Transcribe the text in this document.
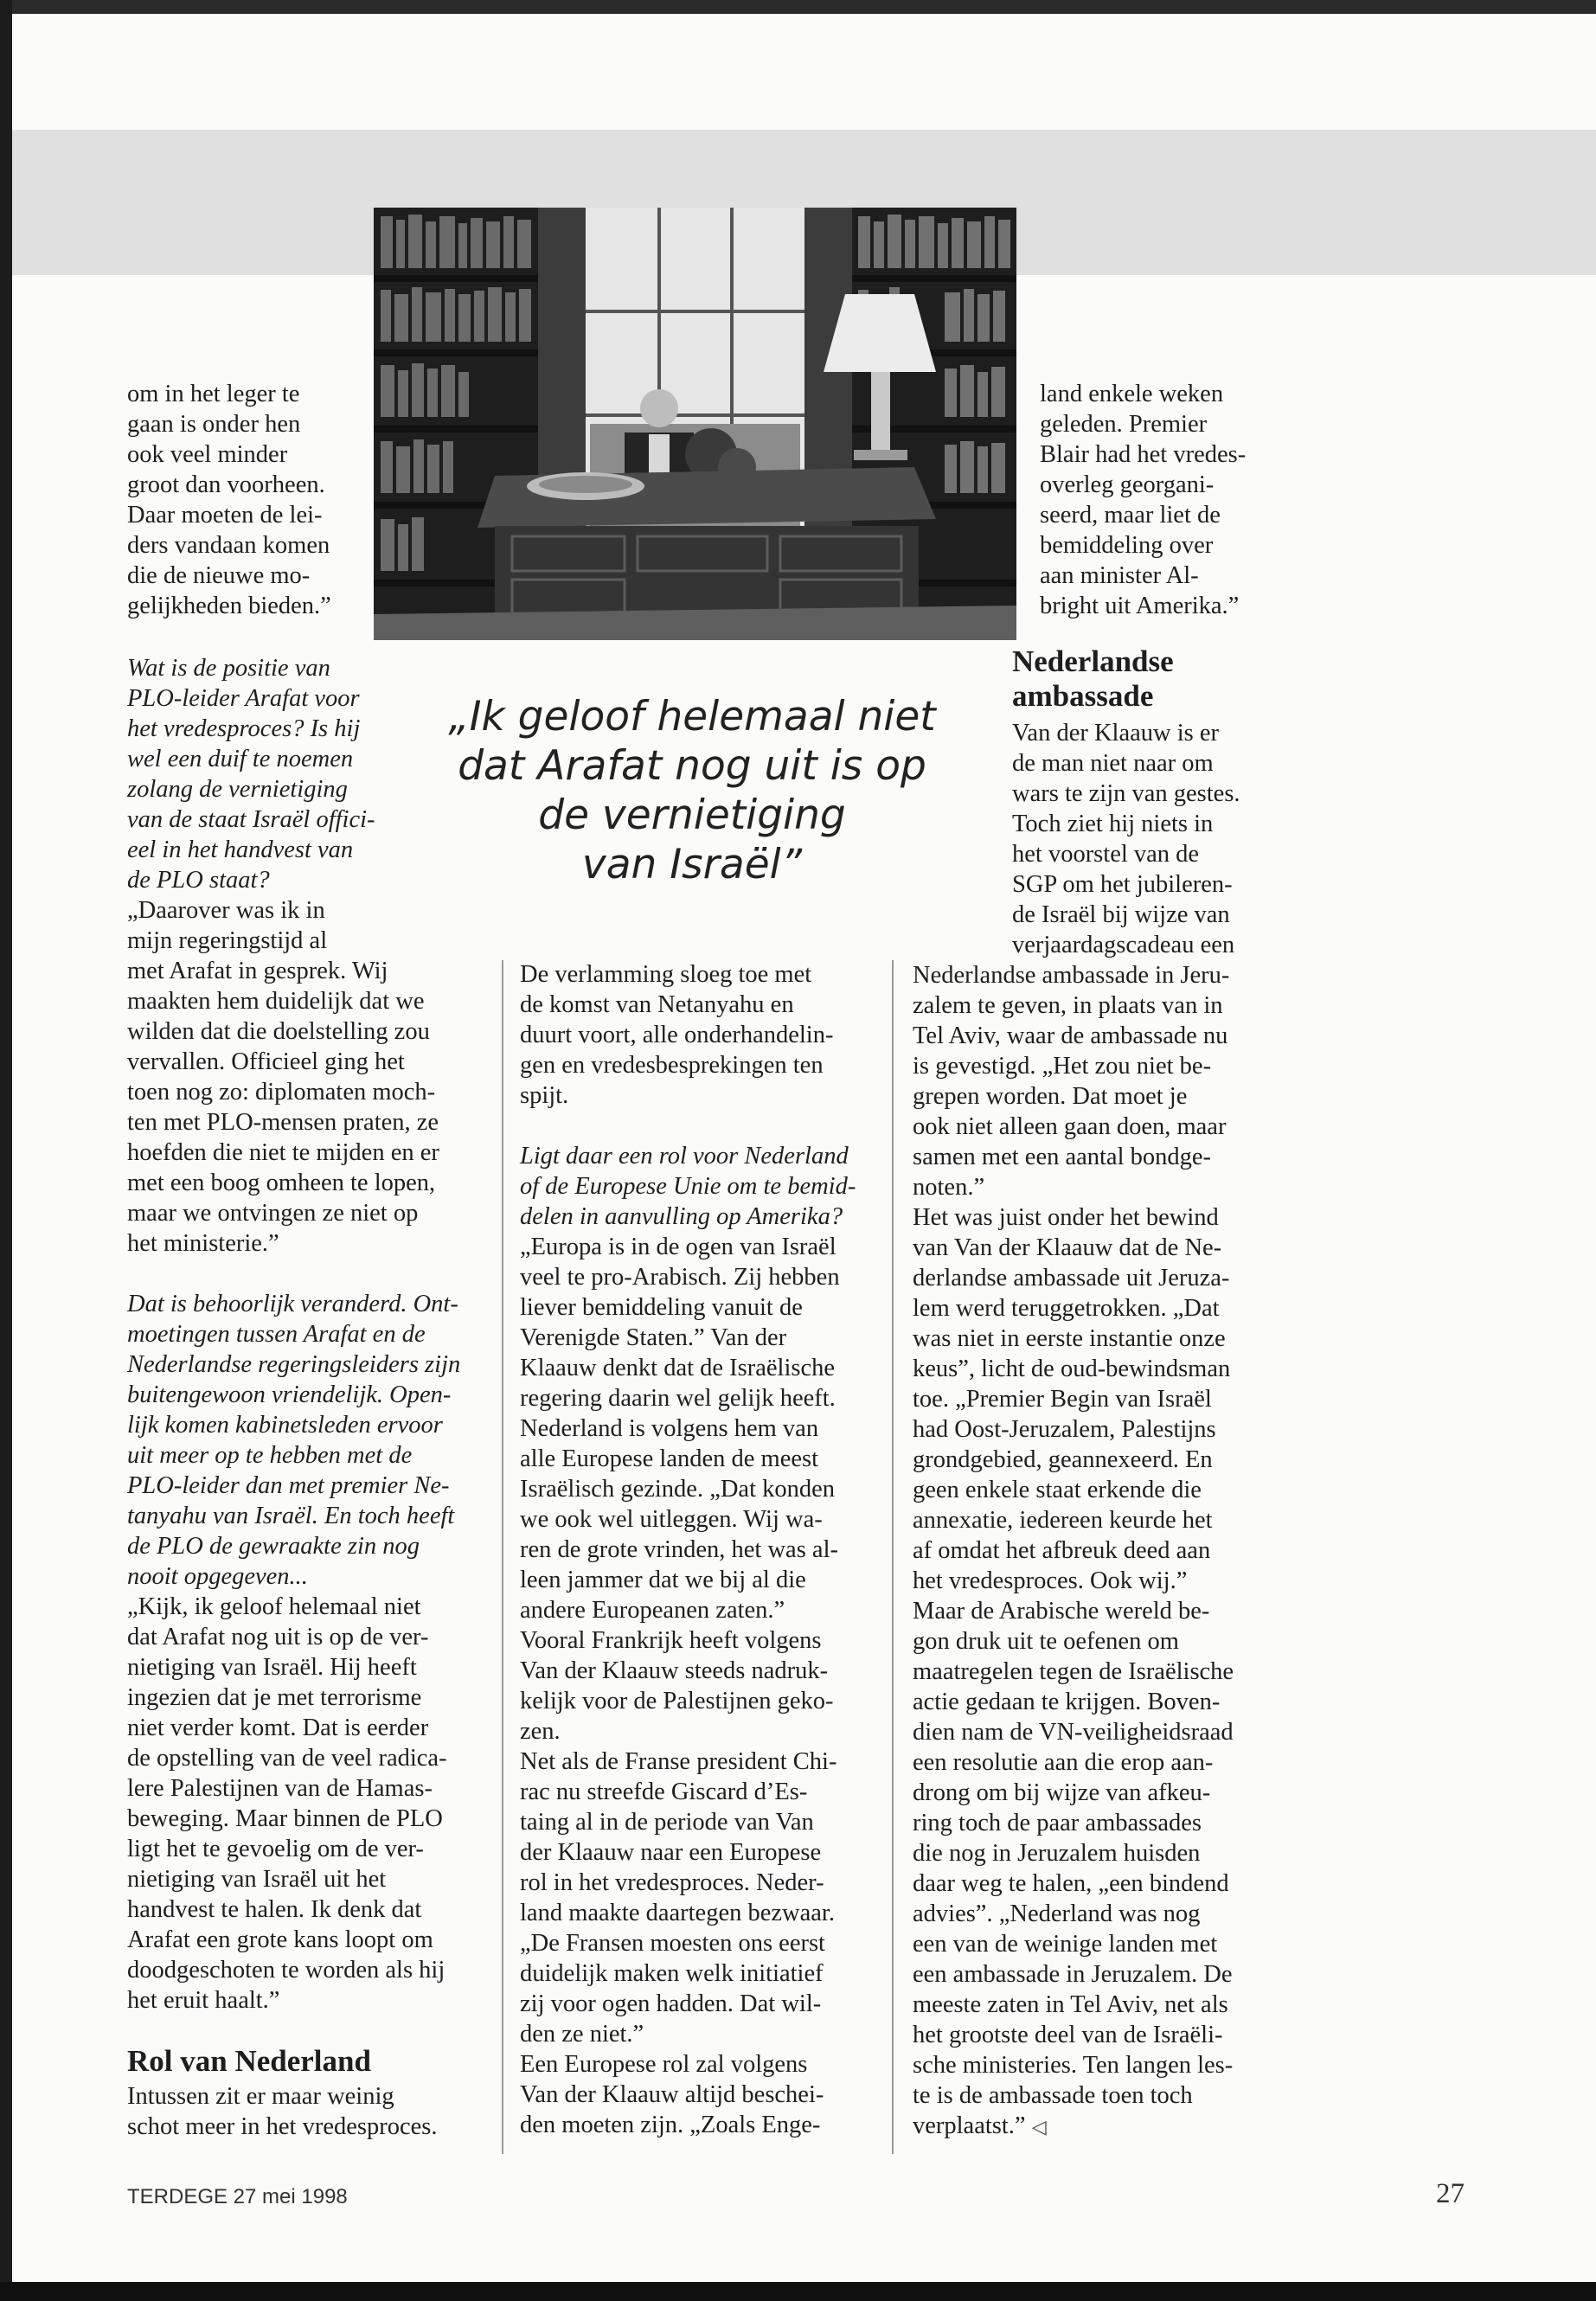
om in het leger te

gaan is onder hen

ook veel minder

groot dan voorheen.

Daar moeten de lei-

ders vandaan komen

die de nieuwe mo-

gelijkheden bieden.”

Wat is de positie van

PLO-leider Arafat voor

het vredesproces? Is hij

wel een duif te noemen

zolang de vernietiging

van de staat Israël offici-

eel in het handvest van

de PLO staat?

„Daarover was ik in

mijn regeringstijd al

met Arafat in gesprek. Wij

maakten hem duidelijk dat we

wilden dat die doelstelling zou

vervallen. Officieel ging het

toen nog zo: diplomaten moch-

ten met PLO-mensen praten, ze

hoefden die niet te mijden en er

met een boog omheen te lopen,

maar we ontvingen ze niet op

het ministerie.”

Dat is behoorlijk veranderd. Ont-

moetingen tussen Arafat en de

Nederlandse regeringsleiders zijn

buitengewoon vriendelijk. Open-

lijk komen kabinetsleden ervoor

uit meer op te hebben met de

PLO-leider dan met premier Ne-

tanyahu van Israël. En toch heeft

de PLO de gewraakte zin nog

nooit opgegeven...

„Kijk, ik geloof helemaal niet

dat Arafat nog uit is op de ver-

nietiging van Israël. Hij heeft

ingezien dat je met terrorisme

niet verder komt. Dat is eerder

de opstelling van de veel radica-

lere Palestijnen van de Hamas-

beweging. Maar binnen de PLO

ligt het te gevoelig om de ver-

nietiging van Israël uit het

handvest te halen. Ik denk dat

Arafat een grote kans loopt om

doodgeschoten te worden als hij

het eruit haalt.”

Rol van Nederland

Intussen zit er maar weinig

schot meer in het vredesproces.

„Ik geloof helemaal niet
dat Arafat nog uit is op
de vernietiging
van Israël”

De verlamming sloeg toe met

de komst van Netanyahu en

duurt voort, alle onderhandelin-

gen en vredesbesprekingen ten

spijt.

Ligt daar een rol voor Nederland

of de Europese Unie om te bemid-

delen in aanvulling op Amerika?

„Europa is in de ogen van Israël

veel te pro-Arabisch. Zij hebben

liever bemiddeling vanuit de

Verenigde Staten.” Van der

Klaauw denkt dat de Israëlische

regering daarin wel gelijk heeft.

Nederland is volgens hem van

alle Europese landen de meest

Israëlisch gezinde. „Dat konden

we ook wel uitleggen. Wij wa-

ren de grote vrinden, het was al-

leen jammer dat we bij al die

andere Europeanen zaten.”

Vooral Frankrijk heeft volgens

Van der Klaauw steeds nadruk-

kelijk voor de Palestijnen geko-

zen.

Net als de Franse president Chi-

rac nu streefde Giscard d’Es-

taing al in de periode van Van

der Klaauw naar een Europese

rol in het vredesproces. Neder-

land maakte daartegen bezwaar.

„De Fransen moesten ons eerst

duidelijk maken welk initiatief

zij voor ogen hadden. Dat wil-

den ze niet.”

Een Europese rol zal volgens

Van der Klaauw altijd beschei-

den moeten zijn. „Zoals Enge-

land enkele weken

geleden. Premier

Blair had het vredes-

overleg georgani-

seerd, maar liet de

bemiddeling over

aan minister Al-

bright uit Amerika.”

Nederlandse
ambassade

Van der Klaauw is er

de man niet naar om

wars te zijn van gestes.

Toch ziet hij niets in

het voorstel van de

SGP om het jubileren-

de Israël bij wijze van

verjaardagscadeau een

Nederlandse ambassade in Jeru-

zalem te geven, in plaats van in

Tel Aviv, waar de ambassade nu

is gevestigd. „Het zou niet be-

grepen worden. Dat moet je

ook niet alleen gaan doen, maar

samen met een aantal bondge-

noten.”

Het was juist onder het bewind

van Van der Klaauw dat de Ne-

derlandse ambassade uit Jeruza-

lem werd teruggetrokken. „Dat

was niet in eerste instantie onze

keus”, licht de oud-bewindsman

toe. „Premier Begin van Israël

had Oost-Jeruzalem, Palestijns

grondgebied, geannexeerd. En

geen enkele staat erkende die

annexatie, iedereen keurde het

af omdat het afbreuk deed aan

het vredesproces. Ook wij.”

Maar de Arabische wereld be-

gon druk uit te oefenen om

maatregelen tegen de Israëlische

actie gedaan te krijgen. Boven-

dien nam de VN-veiligheidsraad

een resolutie aan die erop aan-

drong om bij wijze van afkeu-

ring toch de paar ambassades

die nog in Jeruzalem huisden

daar weg te halen, „een bindend

advies”. „Nederland was nog

een van de weinige landen met

een ambassade in Jeruzalem. De

meeste zaten in Tel Aviv, net als

het grootste deel van de Israëli-

sche ministeries. Ten langen les-

te is de ambassade toen toch

verplaatst.” ◁

TERDEGE 27 mei 1998	27
